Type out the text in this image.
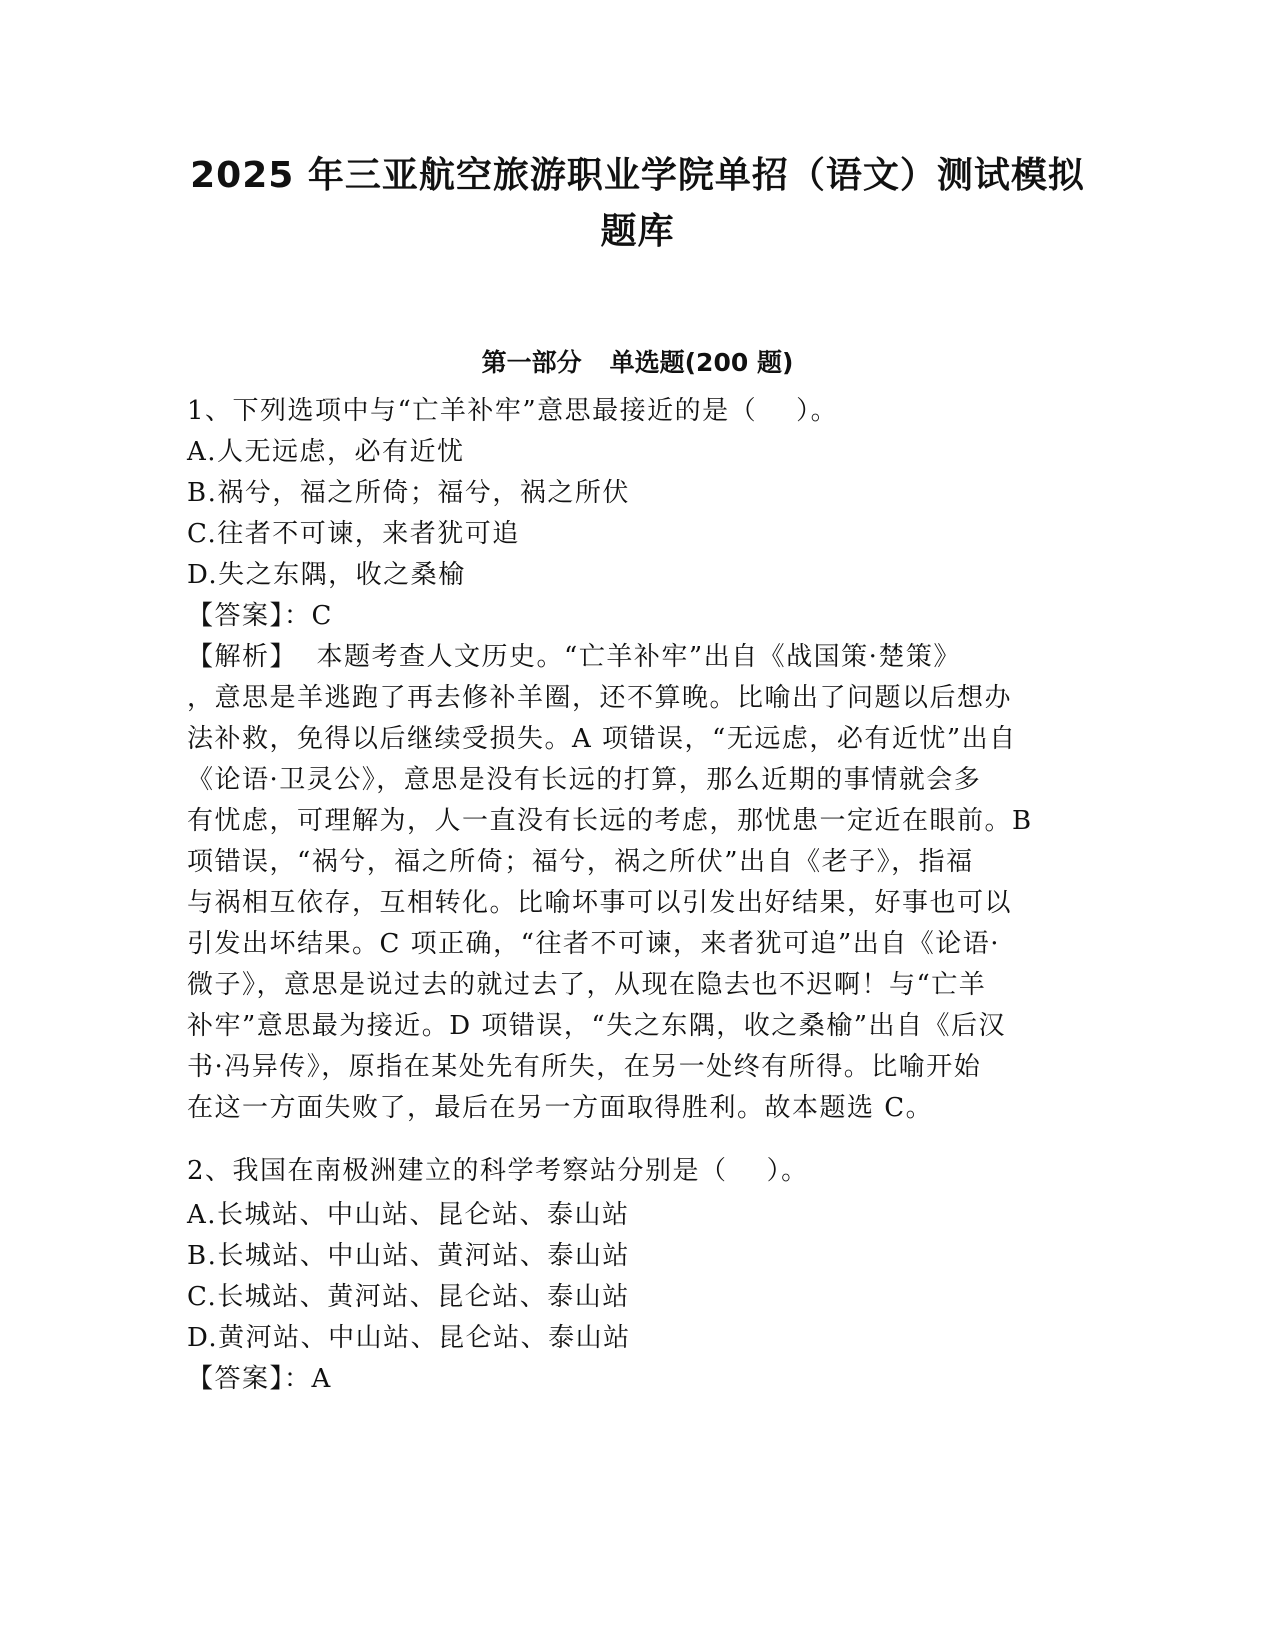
2025 年三亚航空旅游职业学院单招（语文）测试模拟
题库
第一部分 单选题(200 题)

1、下列选项中与“亡羊补牢”意思最接近的是（    ）。

A.人无远虑，必有近忧

B.祸兮，福之所倚；福兮，祸之所伏

C.往者不可谏，来者犹可追

D.失之东隅，收之桑榆

【答案】：C

【解析】  本题考查人文历史。“亡羊补牢”出自《战国策·楚策》

，意思是羊逃跑了再去修补羊圈，还不算晚。比喻出了问题以后想办

法补救，免得以后继续受损失。A 项错误，“无远虑，必有近忧”出自

《论语·卫灵公》，意思是没有长远的打算，那么近期的事情就会多

有忧虑，可理解为，人一直没有长远的考虑，那忧患一定近在眼前。B

项错误，“祸兮，福之所倚；福兮，祸之所伏”出自《老子》，指福

与祸相互依存，互相转化。比喻坏事可以引发出好结果，好事也可以

引发出坏结果。C 项正确，“往者不可谏，来者犹可追”出自《论语·

微子》，意思是说过去的就过去了，从现在隐去也不迟啊！与“亡羊

补牢”意思最为接近。D 项错误，“失之东隅，收之桑榆”出自《后汉

书·冯异传》，原指在某处先有所失，在另一处终有所得。比喻开始

在这一方面失败了，最后在另一方面取得胜利。故本题选 C。

2、我国在南极洲建立的科学考察站分别是（    ）。

A.长城站、中山站、昆仑站、泰山站

B.长城站、中山站、黄河站、泰山站

C.长城站、黄河站、昆仑站、泰山站

D.黄河站、中山站、昆仑站、泰山站

【答案】：A
